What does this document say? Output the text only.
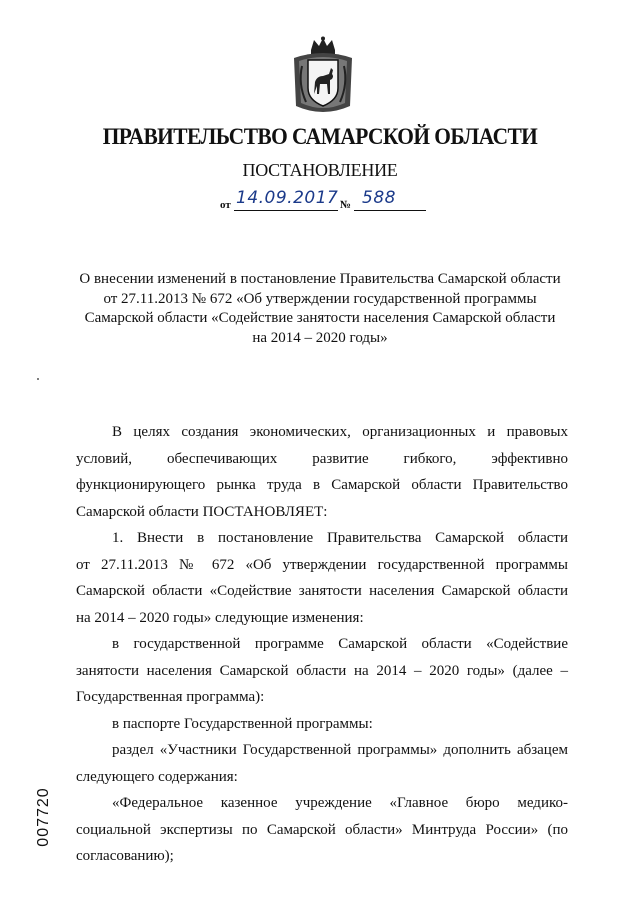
ПРАВИТЕЛЬСТВО САМАРСКОЙ ОБЛАСТИ
ПОСТАНОВЛЕНИЕ
от 14.09.2017 № 588
О внесении изменений в постановление Правительства Самарской области
от 27.11.2013 № 672 «Об утверждении государственной программы
Самарской области «Содействие занятости населения Самарской области
на 2014 – 2020 годы»
В целях создания экономических, организационных и правовых
условий, обеспечивающих развитие гибкого, эффективно
функционирующего рынка труда в Самарской области Правительство
Самарской области ПОСТАНОВЛЯЕТ:
1. Внести в постановление Правительства Самарской области
от 27.11.2013 № 672 «Об утверждении государственной программы
Самарской области «Содействие занятости населения Самарской области
на 2014 – 2020 годы» следующие изменения:
в государственной программе Самарской области «Содействие
занятости населения Самарской области на 2014 – 2020 годы» (далее –
Государственная программа):
в паспорте Государственной программы:
раздел «Участники Государственной программы» дополнить абзацем
следующего содержания:
«Федеральное казенное учреждение «Главное бюро медико-
социальной экспертизы по Самарской области» Минтруда России» (по
согласованию);
007720
